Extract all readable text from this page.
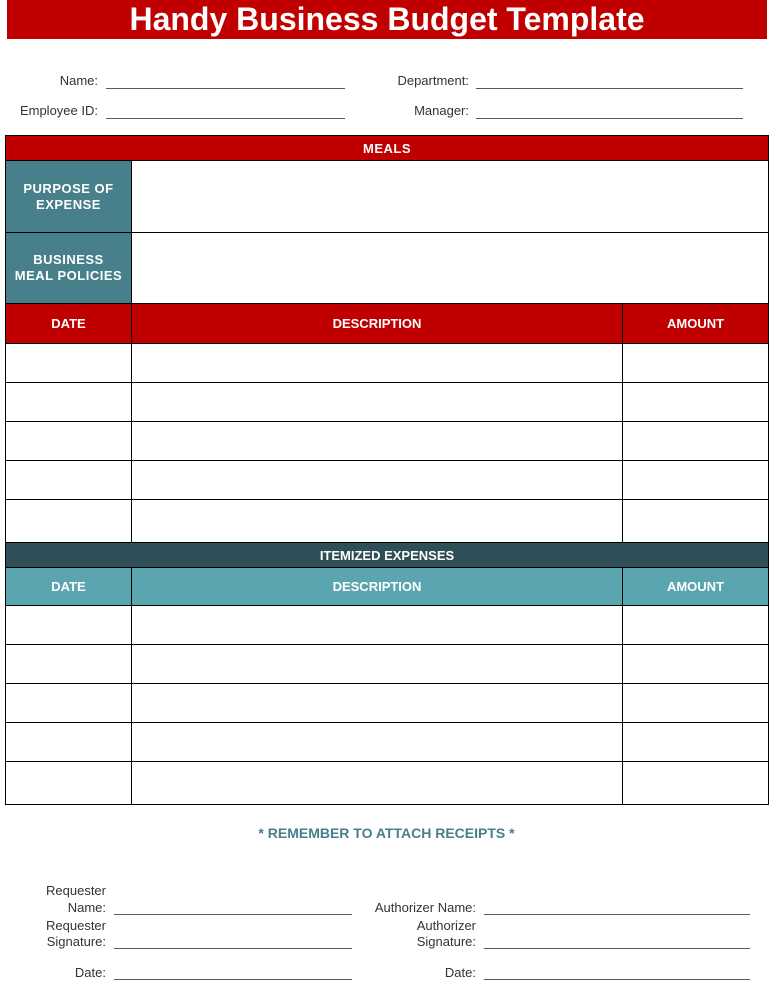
Handy Business Budget Template
Name:	Department:
Employee ID:	Manager:
MEALS		
PURPOSE OF
EXPENSE		
BUSINESS
MEAL POLICIES		
DATE	DESCRIPTION	AMOUNT

ITEMIZED EXPENSES		
DATE	DESCRIPTION	AMOUNT

* REMEMBER TO ATTACH RECEIPTS *
Requester
Name:	Authorizer Name:
Requester
Signature:
Authorizer
Signature:
Date:	Date:
